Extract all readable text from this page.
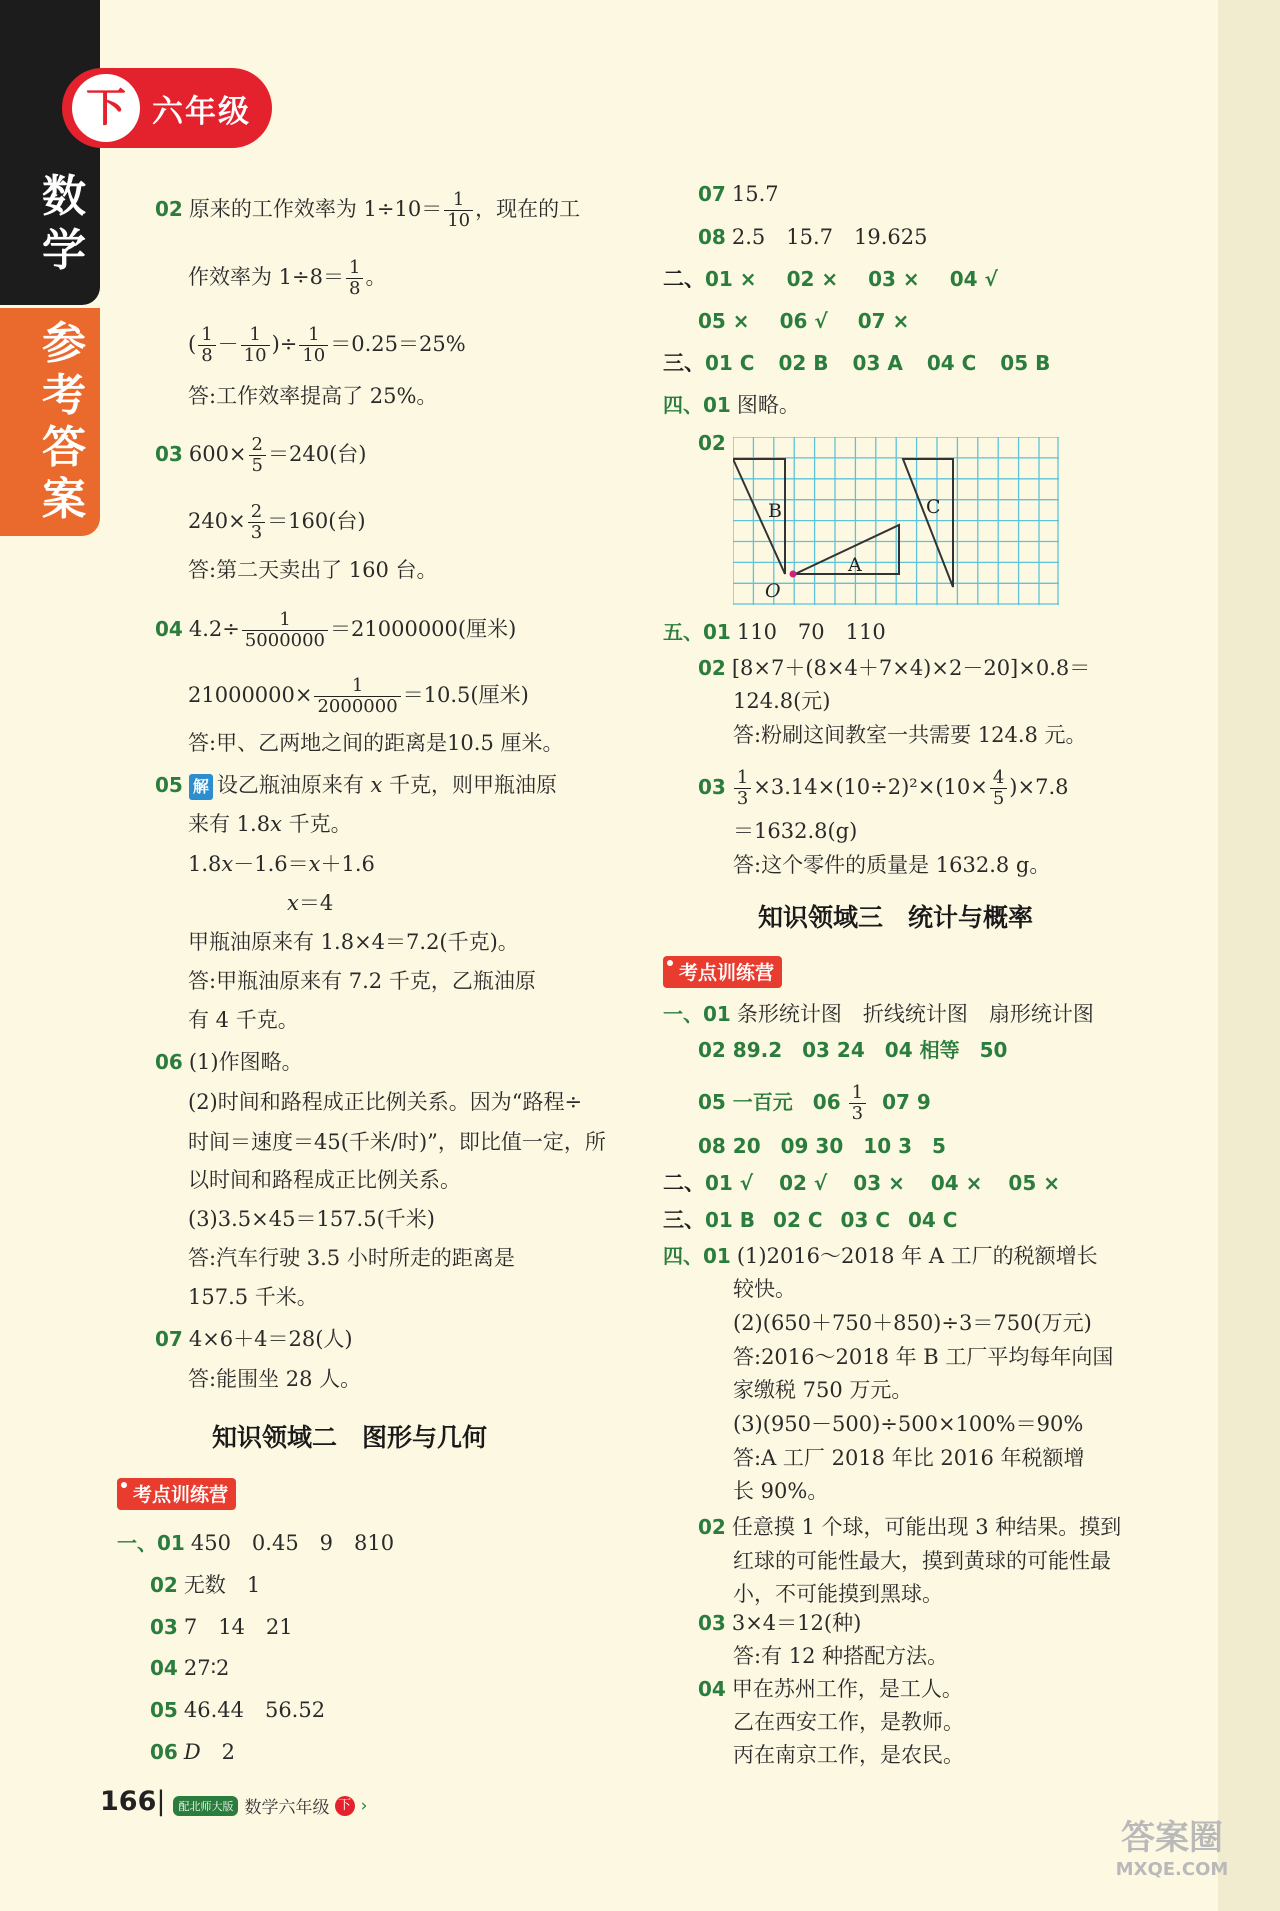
数
学
参
考
答
案
下 六年级
02 原来的工作效率为 $1\div 10= \frac{1}{10}$ ，现在的工
作效率为 $1\div 8= \frac{1}{8}$ 。
( $\frac{1}{8} - \frac{1}{10}$ )÷ $\frac{1}{10} =0.25=25\%$
答:工作效率提高了 25%。
03 $600\times \frac{2}{5} =240$(台)
$240\times \frac{2}{3} =160$(台)
答:第二天卖出了 160 台。
04 $4.2\div \frac{1}{5000000} =21000000$(厘米)
$21000000\times \frac{1}{2000000} =10.5$(厘米)
答:甲、乙两地之间的距离是10.5 厘米。
05 解 设乙瓶油原来有 𝑥 千克，则甲瓶油原
来有 1.8𝑥 千克。
1.8𝑥－1.6＝𝑥＋1.6
𝑥＝4
甲瓶油原来有 1.8×4＝7.2(千克)。
答:甲瓶油原来有 7.2 千克，乙瓶油原
有 4 千克。
06 (1)作图略。
(2)时间和路程成正比例关系。因为“路程÷
时间＝速度＝45(千米/时)”，即比值一定，所
以时间和路程成正比例关系。
(3)3.5×45＝157.5(千米)
答:汽车行驶 3.5 小时所走的距离是
157.5 千米。
07 4×6＋4＝28(人)
答:能围坐 28 人。
知识领域二　图形与几何
考点训练营
一、01 450　0.45　9　810
02 无数　1
03 7　14　21
04 27∶2
05 46.44　56.52
06 𝐷　2
07 15.7
08 2.5　15.7　19.625
二、01 × 02 × 03 × 04 √
05 × 06 √ 07 ×
三、01 C 02 B 03 A 04 C 05 B
四、01 图略。
02
B	C
A
O
五、01 110　70　110
02 [8×7＋(8×4＋7×4)×2－20]×0.8＝
124.8(元)
答:粉刷这间教室一共需要 124.8 元。
$03 \frac{1}{3} \times 3.14\times(10\div 2)^2\times(10\times \frac{4}{5} )\times 7.8$
＝1632.8(g)
答:这个零件的质量是 1632.8 g。
知识领域三　统计与概率
考点训练营
一、01 条形统计图　折线统计图　扇形统计图
02 89.2 03 24 04 相等　50
05 一百元 $06 \frac{1}{3} 07$ 9
08 20 09 30 10 3　5
二、01 √ 02 √ 03 × 04 × 05 ×
三、01 B 02 C 03 C 04 C
四、01 (1)2016～2018 年 A 工厂的税额增长
较快。
(2)(650＋750＋850)÷3＝750(万元)
答:2016～2018 年 B 工厂平均每年向国
家缴税 750 万元。
(3)(950－500)÷500×100%＝90%
答:A 工厂 2018 年比 2016 年税额增
长 90%。
02 任意摸 1 个球，可能出现 3 种结果。摸到
红球的可能性最大，摸到黄球的可能性最
小，不可能摸到黑球。
03 3×4＝12(种)
答:有 12 种搭配方法。
04 甲在苏州工作，是工人。
乙在西安工作，是教师。
丙在南京工作，是农民。
166| 配北师大版 数学六年级 下 ›
答案圈
MXQE.COM
